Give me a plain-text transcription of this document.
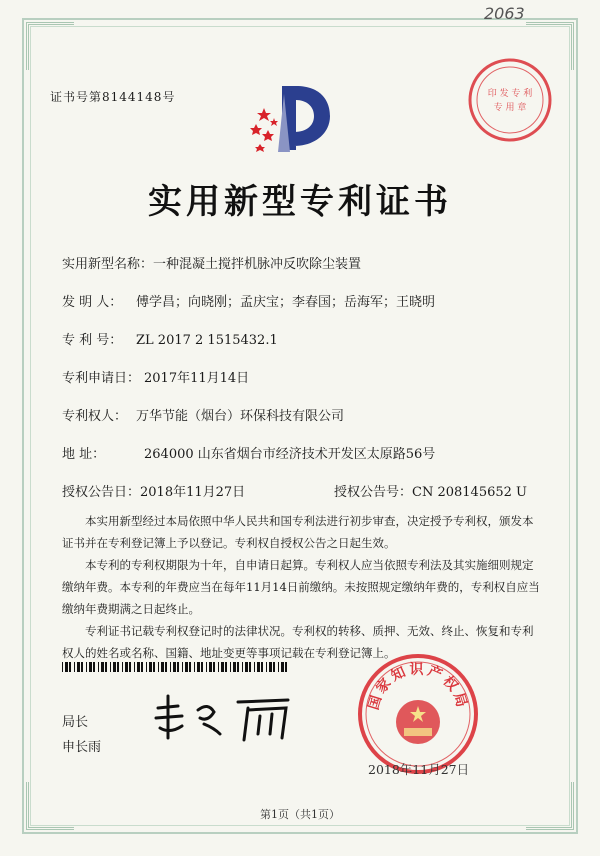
2063
证书号第8144148号	印 发 专 利
专 用 章
实用新型专利证书
实用新型名称：一种混凝土搅拌机脉冲反吹除尘装置
发 明 人： 傅学昌；向晓刚；孟庆宝；李春国；岳海军；王晓明
专 利 号： ZL 2017 2 1515432.1
专利申请日： 2017年11月14日
专利权人： 万华节能（烟台）环保科技有限公司
地 址：	264000 山东省烟台市经济技术开发区太原路56号
授权公告日：2018年11月27日	授权公告号：CN 208145652 U
本实用新型经过本局依照中华人民共和国专利法进行初步审查，决定授予专利权，颁发本证书并在专利登记簿上予以登记。专利权自授权公告之日起生效。
本专利的专利权期限为十年，自申请日起算。专利权人应当依照专利法及其实施细则规定缴纳年费。本专利的年费应当在每年11月14日前缴纳。未按照规定缴纳年费的，专利权自应当缴纳年费期满之日起终止。
专利证书记载专利权登记时的法律状况。专利权的转移、质押、无效、终止、恢复和专利权人的姓名或名称、国籍、地址变更等事项记载在专利登记簿上。
局长
申长雨
国家知识产权局
2018年11月27日
第1页（共1页）
